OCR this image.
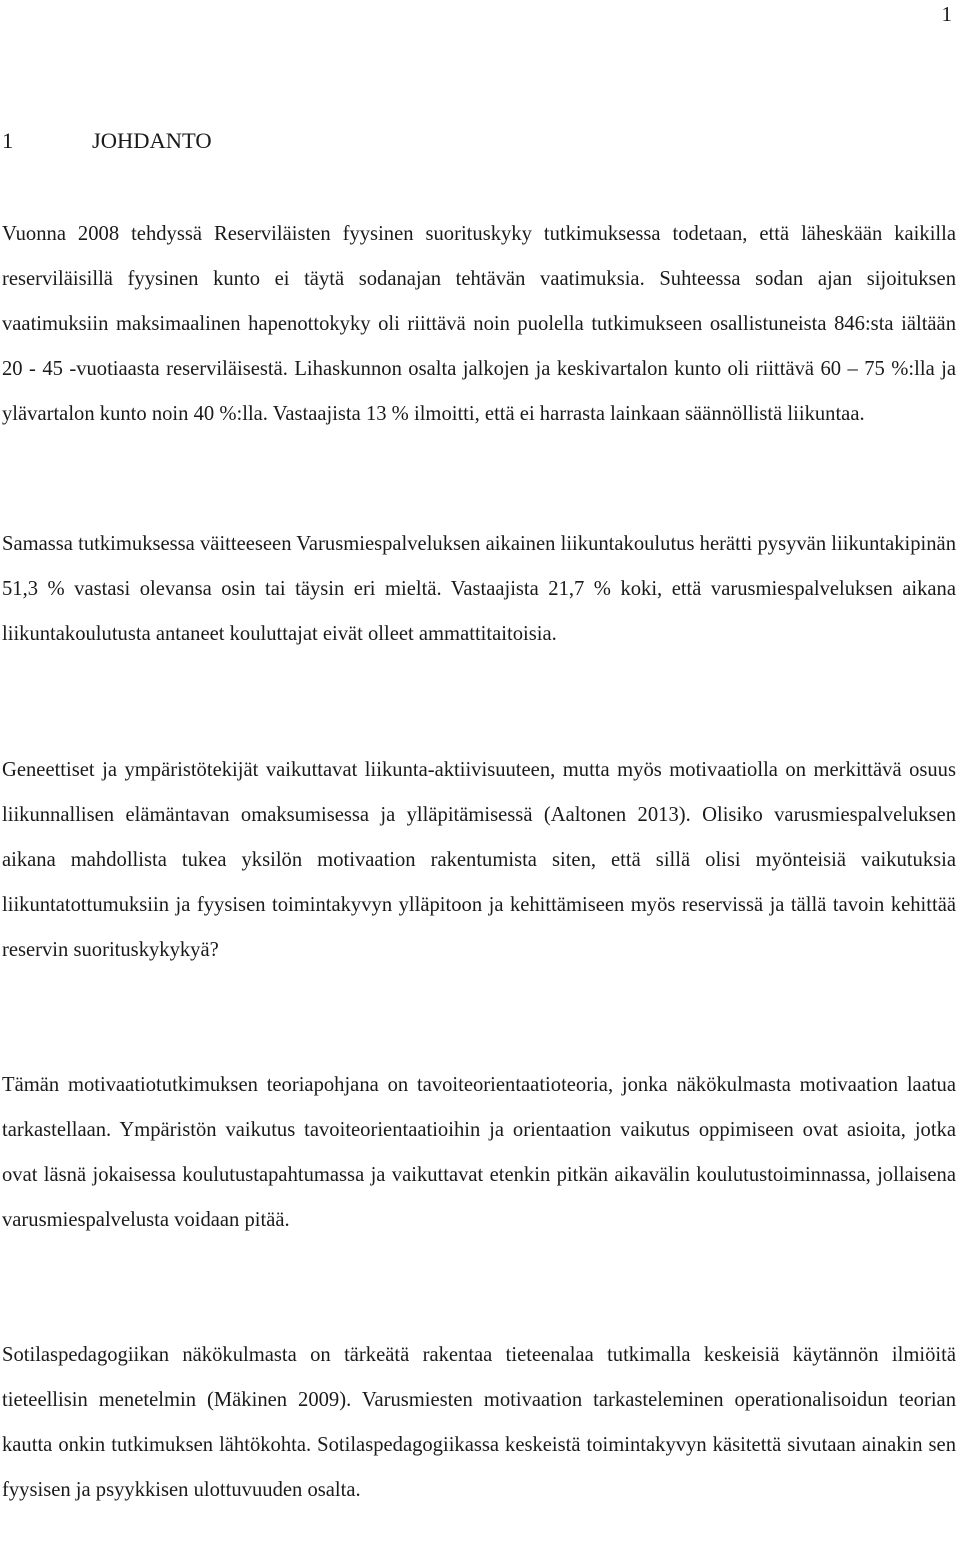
1
1	JOHDANTO

Vuonna 2008 tehdyssä Reserviläisten fyysinen suorituskyky tutkimuksessa todetaan, että läheskään kaikilla reserviläisillä fyysinen kunto ei täytä sodanajan tehtävän vaatimuksia. Suhteessa sodan ajan sijoituksen vaatimuksiin maksimaalinen hapenottokyky oli riittävä noin puolella tutkimukseen osallistuneista 846:sta iältään 20 - 45 -vuotiaasta reserviläisestä. Lihaskunnon osalta jalkojen ja keskivartalon kunto oli riittävä 60 – 75 %:lla ja ylävartalon kunto noin 40 %:lla. Vastaajista 13 % ilmoitti, että ei harrasta lainkaan säännöllistä liikuntaa.

Samassa tutkimuksessa väitteeseen Varusmiespalveluksen aikainen liikuntakoulutus herätti pysyvän liikuntakipinän 51,3 % vastasi olevansa osin tai täysin eri mieltä. Vastaajista 21,7 % koki, että varusmiespalveluksen aikana liikuntakoulutusta antaneet kouluttajat eivät olleet ammattitaitoisia.

Geneettiset ja ympäristötekijät vaikuttavat liikunta-aktiivisuuteen, mutta myös motivaatiolla on merkittävä osuus liikunnallisen elämäntavan omaksumisessa ja ylläpitämisessä (Aaltonen 2013). Olisiko varusmiespalveluksen aikana mahdollista tukea yksilön motivaation rakentumista siten, että sillä olisi myönteisiä vaikutuksia liikuntatottumuksiin ja fyysisen toimintakyvyn ylläpitoon ja kehittämiseen myös reservissä ja tällä tavoin kehittää reservin suorituskykykyä?

Tämän motivaatiotutkimuksen teoriapohjana on tavoiteorientaatioteoria, jonka näkökulmasta motivaation laatua tarkastellaan. Ympäristön vaikutus tavoiteorientaatioihin ja orientaation vaikutus oppimiseen ovat asioita, jotka ovat läsnä jokaisessa koulutustapahtumassa ja vaikuttavat etenkin pitkän aikavälin koulutustoiminnassa, jollaisena varusmiespalvelusta voidaan pitää.

Sotilaspedagogiikan näkökulmasta on tärkeätä rakentaa tieteenalaa tutkimalla keskeisiä käytännön ilmiöitä tieteellisin menetelmin (Mäkinen 2009). Varusmiesten motivaation tarkasteleminen operationalisoidun teorian kautta onkin tutkimuksen lähtökohta. Sotilaspedagogiikassa keskeistä toimintakyvyn käsitettä sivutaan ainakin sen fyysisen ja psyykkisen ulottuvuuden osalta.
